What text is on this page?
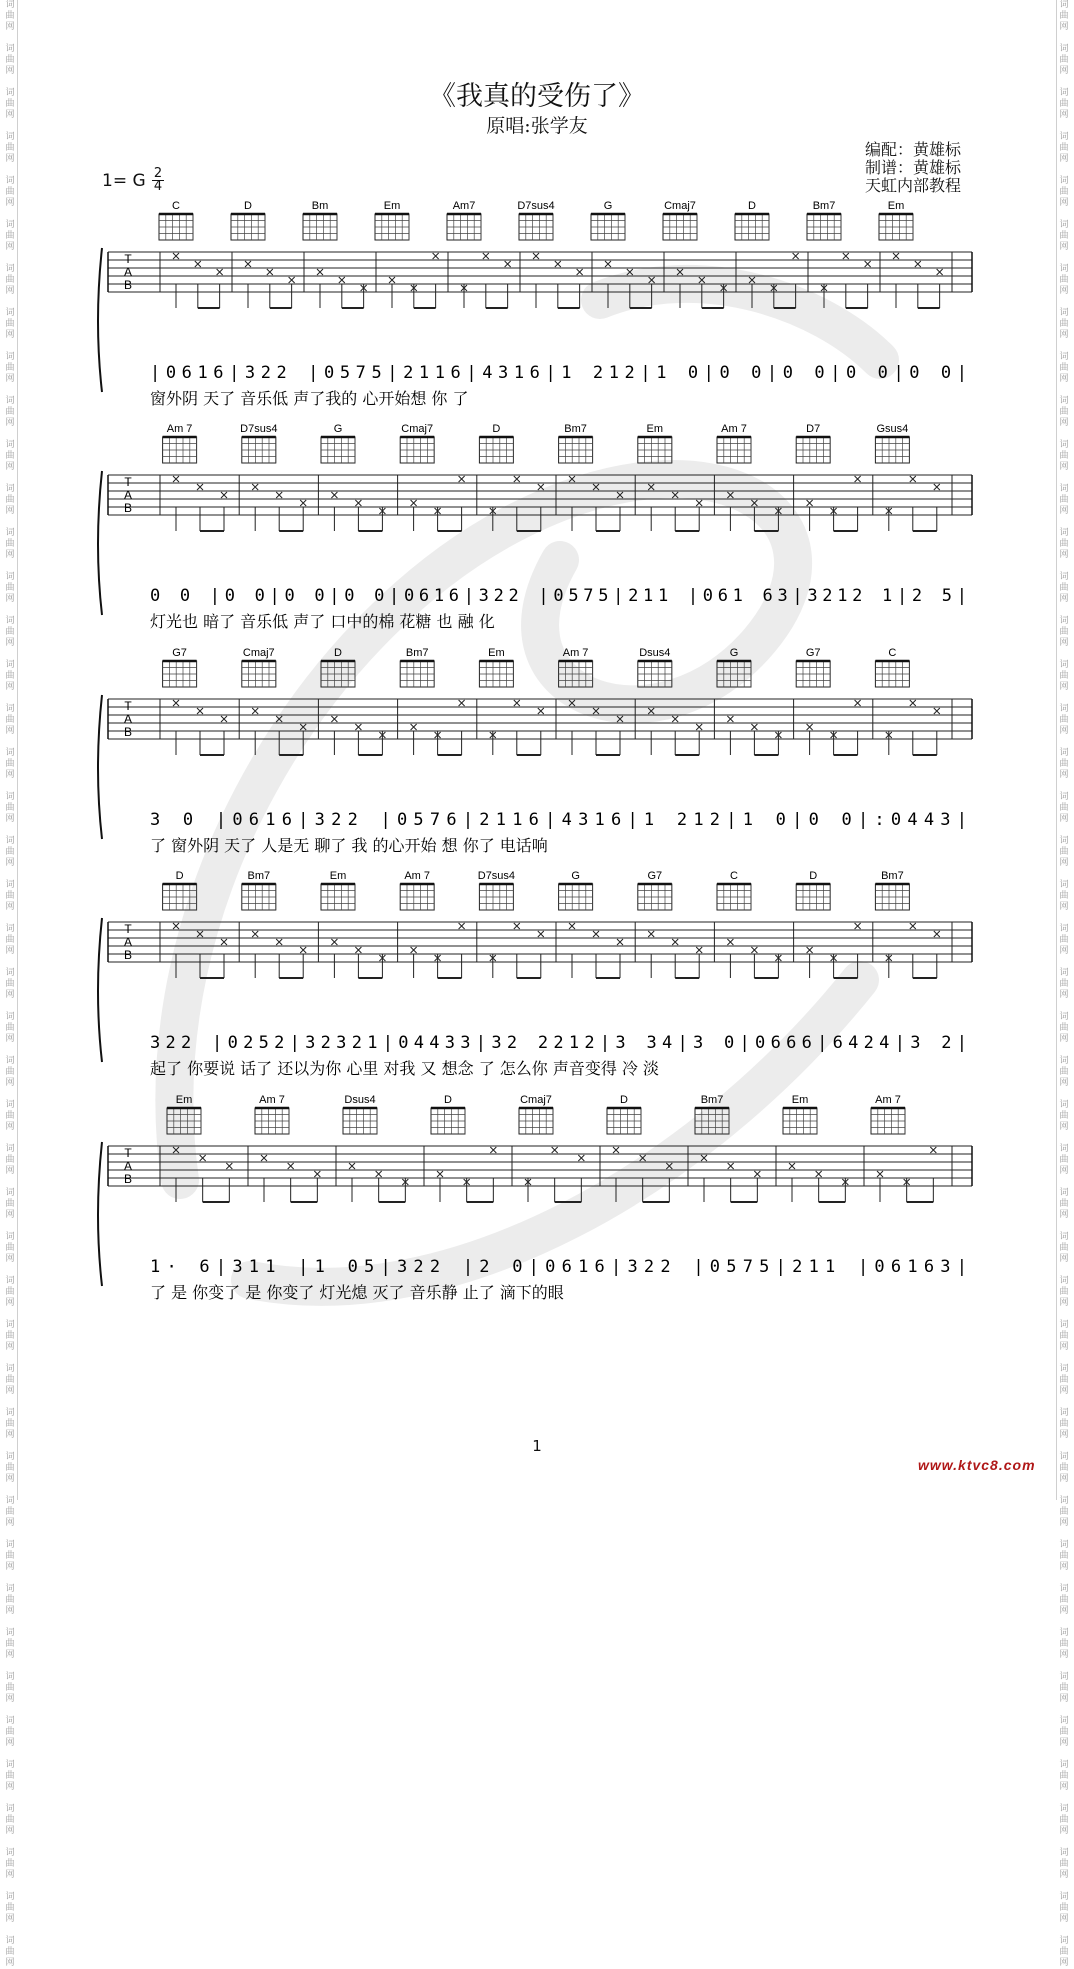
词
曲
网

词
曲
网

词
曲
网

词
曲
网

词
曲
网

词
曲
网

词
曲
网

词
曲
网

词
曲
网

词
曲
网

词
曲
网

词
曲
网

词
曲
网

词
曲
网

词
曲
网

词
曲
网

词
曲
网

词
曲
网

词
曲
网

词
曲
网

词
曲
网

词
曲
网

词
曲
网

词
曲
网

词
曲
网

词
曲
网

词
曲
网

词
曲
网

词
曲
网

词
曲
网

词
曲
网

词
曲
网

词
曲
网

词
曲
网

词
曲
网

词
曲
网

词
曲
网

词
曲
网

词
曲
网

词
曲
网

词
曲
网

词
曲
网

词
曲
网

词
曲
网

词
曲
网

词
曲
网

词
曲
网

词
曲
网

词
曲
网

词
曲
网

词
曲
网

词
曲
网

词
曲
网

词
曲
网

词
曲
网

词
曲
网

词
曲
网

词
曲
网

词
曲
网

词
曲
网

词
曲
网

词
曲
网

词
曲
网

词
曲
网

词
曲
网

词
曲
网

词
曲
网

词
曲
网

词
曲
网

词
曲
网

词
曲
网

词
曲
网

词
曲
网

词
曲
网

词
曲
网

词
曲
网

词
曲
网

词
曲
网

词
曲
网

词
曲
网

词
曲
网

词
曲
网

词
曲
网

词
曲
网

词
曲
网

词
曲
网

词
曲
网

词
曲
网

词
曲
网

词
曲
网

《我真的受伤了》
原唱:张学友
编配：黄雄标
制谱：黄雄标
天虹内部教程
1= G 2
4
C	D	Bm	Em	Am7	D7sus4	G	Cmaj7	D	Bm7	Em
T
A
B
|0616|322 |0575|2116|4316|1 212|1 0|0 0|0 0|0 0|0 0|
窗外阴 天了 音乐低 声了我的 心开始想 你 了
Am 7	D7sus4	G	Cmaj7	D	Bm7	Em	Am 7	D7	Gsus4
T
A
B
0 0 |0 0|0 0|0 0|0616|322 |0575|211 |061 63|3212 1|2 5|
灯光也 暗了 音乐低 声了 口中的棉 花糖 也 融 化
G7	Cmaj7	D	Bm7	Em	Am 7	Dsus4	G	G7	C
T
A
B
3 0 |0616|322 |0576|2116|4316|1 212|1 0|0 0|:0443|
了 窗外阴 天了 人是无 聊了 我 的心开始 想 你了 电话响
D	Bm7	Em	Am 7	D7sus4	G	G7	C	D	Bm7
T
A
B
322 |0252|32321|04433|32 2212|3 34|3 0|0666|6424|3 2|
起了 你要说 话了 还以为你 心里 对我 又 想念 了 怎么你 声音变得 冷 淡
Em	Am 7	Dsus4	D	Cmaj7	D	Bm7	Em	Am 7
T
A
B
1· 6|311 |1 05|322 |2 0|0616|322 |0575|211 |06163|
了 是 你变了 是 你变了 灯光熄 灭了 音乐静 止了 滴下的眼
1
www.ktvc8.com
